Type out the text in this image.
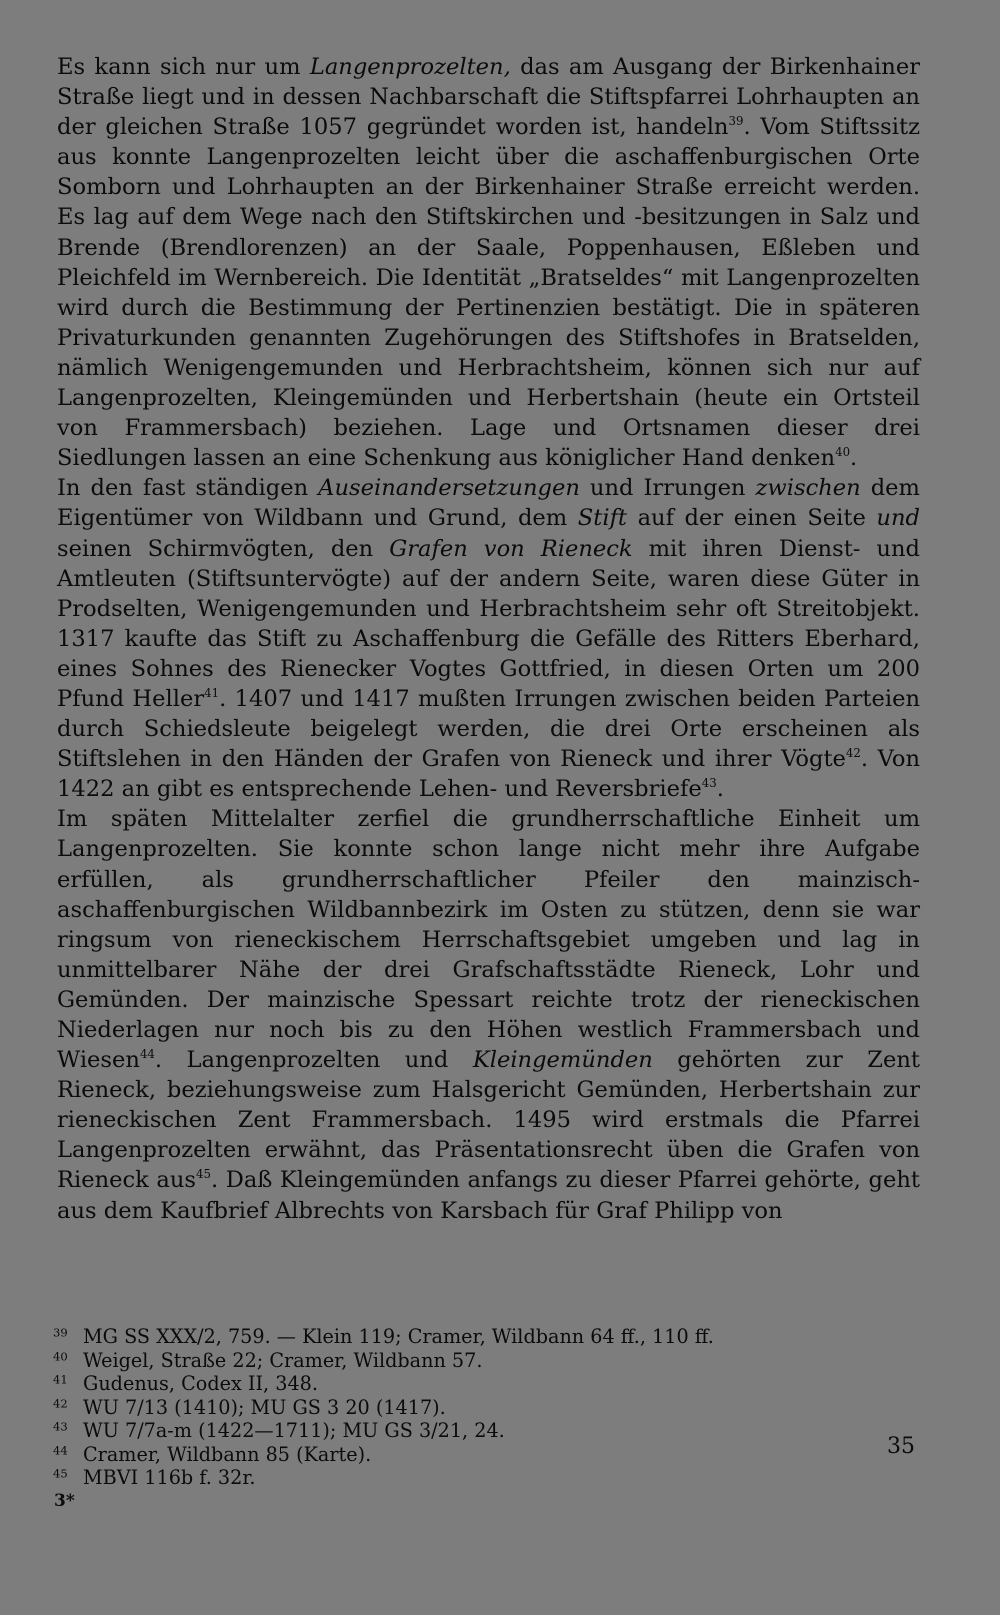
Es kann sich nur um Langenprozelten, das am Ausgang der Birkenhainer Straße liegt und in dessen Nachbarschaft die Stiftspfarrei Lohrhaupten an der gleichen Straße 1057 gegründet worden ist, handeln$^{39}$. Vom Stiftssitz aus konnte Langenprozelten leicht über die aschaffenburgischen Orte Somborn und Lohrhaupten an der Birkenhainer Straße erreicht werden. Es lag auf dem Wege nach den Stiftskirchen und -besitzungen in Salz und Brende (Brendlorenzen) an der Saale, Poppenhausen, Eßleben und Pleichfeld im Wernbereich. Die Identität „Bratseldes“ mit Langenprozelten wird durch die Bestimmung der Pertinenzien bestätigt. Die in späteren Privaturkunden genannten Zugehörungen des Stiftshofes in Bratselden, nämlich Wenigengemunden und Herbrachtsheim, können sich nur auf Langenprozelten, Kleingemünden und Herbertshain (heute ein Ortsteil von Frammersbach) beziehen. Lage und Ortsnamen dieser drei Siedlungen lassen an eine Schenkung aus königlicher Hand denken$^{40}$.

In den fast ständigen Auseinandersetzungen und Irrungen zwischen dem Eigentümer von Wildbann und Grund, dem Stift auf der einen Seite und seinen Schirmvögten, den Grafen von Rieneck mit ihren Dienst- und Amtleuten (Stiftsuntervögte) auf der andern Seite, waren diese Güter in Prodselten, Wenigengemunden und Herbrachtsheim sehr oft Streitobjekt. 1317 kaufte das Stift zu Aschaffenburg die Gefälle des Ritters Eberhard, eines Sohnes des Rienecker Vogtes Gottfried, in diesen Orten um 200 Pfund Heller$^{41}$. 1407 und 1417 mußten Irrungen zwischen beiden Parteien durch Schiedsleute beigelegt werden, die drei Orte erscheinen als Stiftslehen in den Händen der Grafen von Rieneck und ihrer Vögte$^{42}$. Von 1422 an gibt es entsprechende Lehen- und Reversbriefe$^{43}$.

Im späten Mittelalter zerfiel die grundherrschaftliche Einheit um Langenprozelten. Sie konnte schon lange nicht mehr ihre Aufgabe erfüllen, als grundherrschaftlicher Pfeiler den mainzisch-aschaffenburgischen Wildbannbezirk im Osten zu stützen, denn sie war ringsum von rieneckischem Herrschaftsgebiet umgeben und lag in unmittelbarer Nähe der drei Grafschaftsstädte Rieneck, Lohr und Gemünden. Der mainzische Spessart reichte trotz der rieneckischen Niederlagen nur noch bis zu den Höhen westlich Frammersbach und Wiesen$^{44}$. Langenprozelten und Kleingemünden gehörten zur Zent Rieneck, beziehungsweise zum Halsgericht Gemünden, Herbertshain zur rieneckischen Zent Frammersbach. 1495 wird erstmals die Pfarrei Langenprozelten erwähnt, das Präsentationsrecht üben die Grafen von Rieneck aus$^{45}$. Daß Kleingemünden anfangs zu dieser Pfarrei gehörte, geht aus dem Kaufbrief Albrechts von Karsbach für Graf Philipp von

$^{39}$ MG SS XXX/2, 759. — Klein 119; Cramer, Wildbann 64 ff., 110 ff.
$^{40}$ Weigel, Straße 22; Cramer, Wildbann 57.
$^{41}$ Gudenus, Codex II, 348.
$^{42}$ WU 7/13 (1410); MU GS 3 20 (1417).
$^{43}$ WU 7/7a-m (1422—1711); MU GS 3/21, 24.
$^{44}$ Cramer, Wildbann 85 (Karte).
$^{45}$ MBVI 116b f. 32r.
35
3*
